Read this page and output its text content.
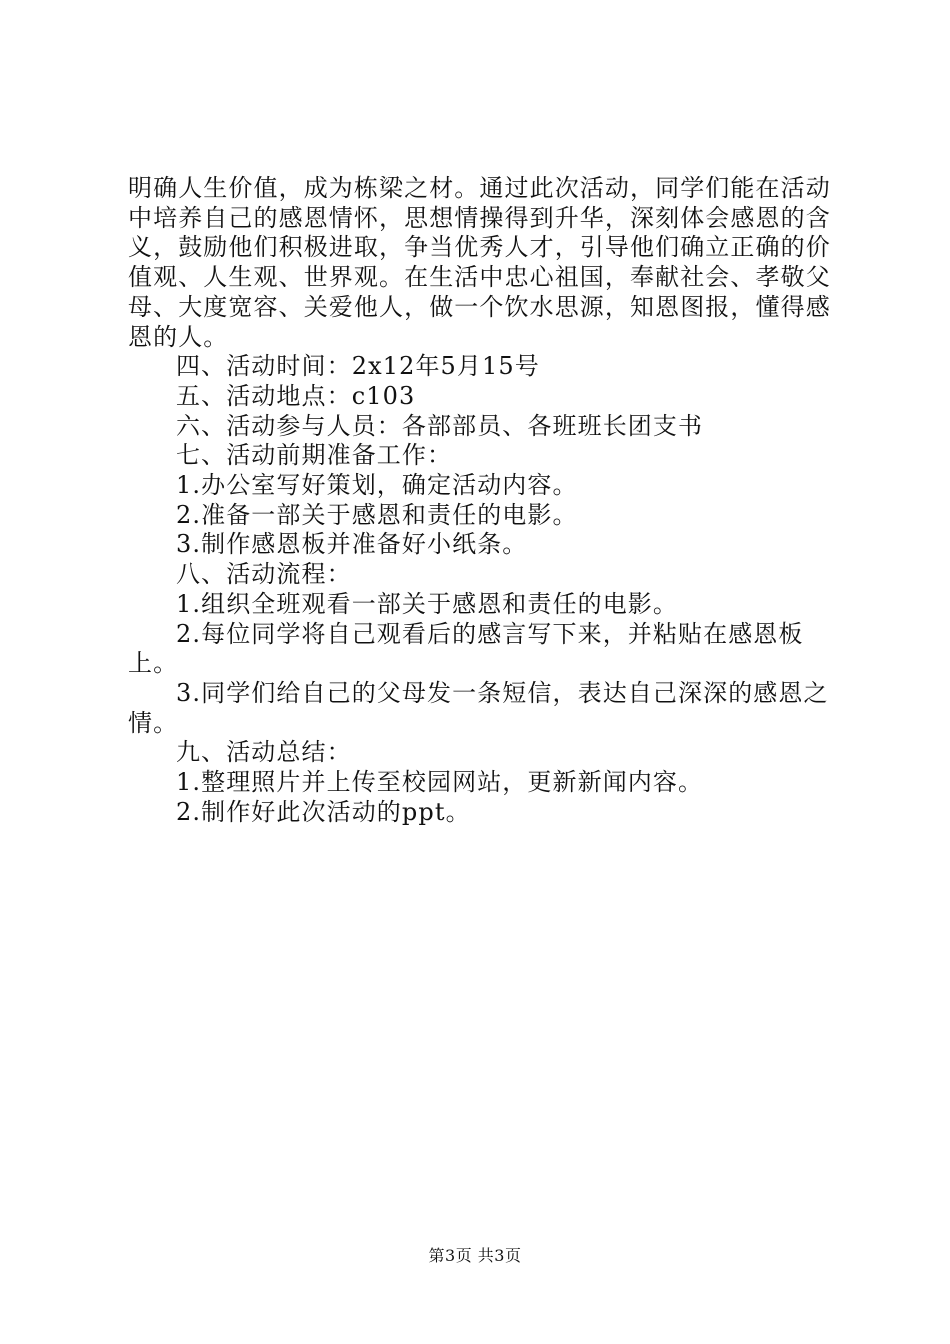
明确人生价值，成为栋梁之材。通过此次活动，同学们能在活动中培养自己的感恩情怀，思想情操得到升华，深刻体会感恩的含义，鼓励他们积极进取，争当优秀人才，引导他们确立正确的价值观、人生观、世界观。在生活中忠心祖国，奉献社会、孝敬父母、大度宽容、关爱他人，做一个饮水思源，知恩图报，懂得感恩的人。

四、活动时间：2x12年5月15号

五、活动地点：c103

六、活动参与人员：各部部员、各班班长团支书

七、活动前期准备工作：

1.办公室写好策划，确定活动内容。

2.准备一部关于感恩和责任的电影。

3.制作感恩板并准备好小纸条。

八、活动流程：

1.组织全班观看一部关于感恩和责任的电影。

2.每位同学将自己观看后的感言写下来，并粘贴在感恩板上。

3.同学们给自己的父母发一条短信，表达自己深深的感恩之情。

九、活动总结：

1.整理照片并上传至校园网站，更新新闻内容。

2.制作好此次活动的ppt。

第3页 共3页
